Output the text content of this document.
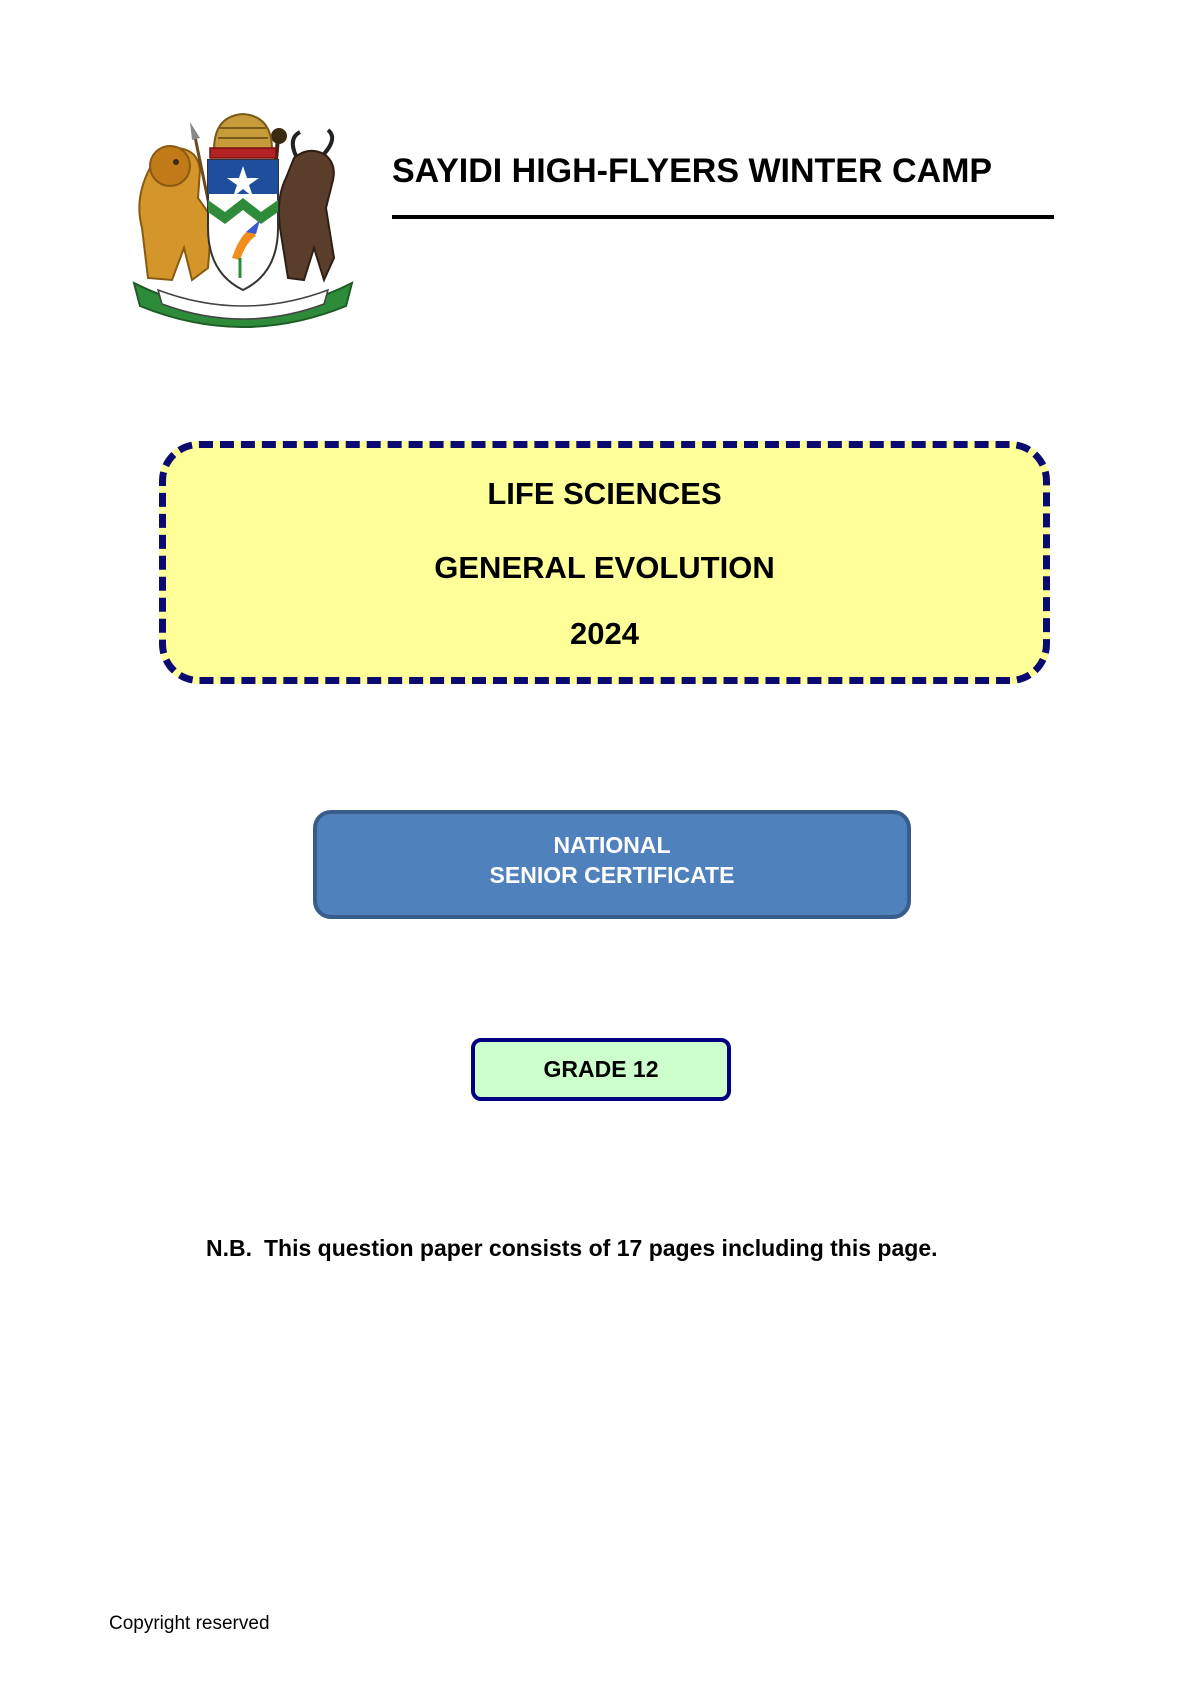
SAYIDI HIGH-FLYERS WINTER CAMP
LIFE SCIENCES
GENERAL EVOLUTION
2024
NATIONAL
SENIOR CERTIFICATE
GRADE 12
N.B. This question paper consists of 17 pages including this page.
Copyright reserved
